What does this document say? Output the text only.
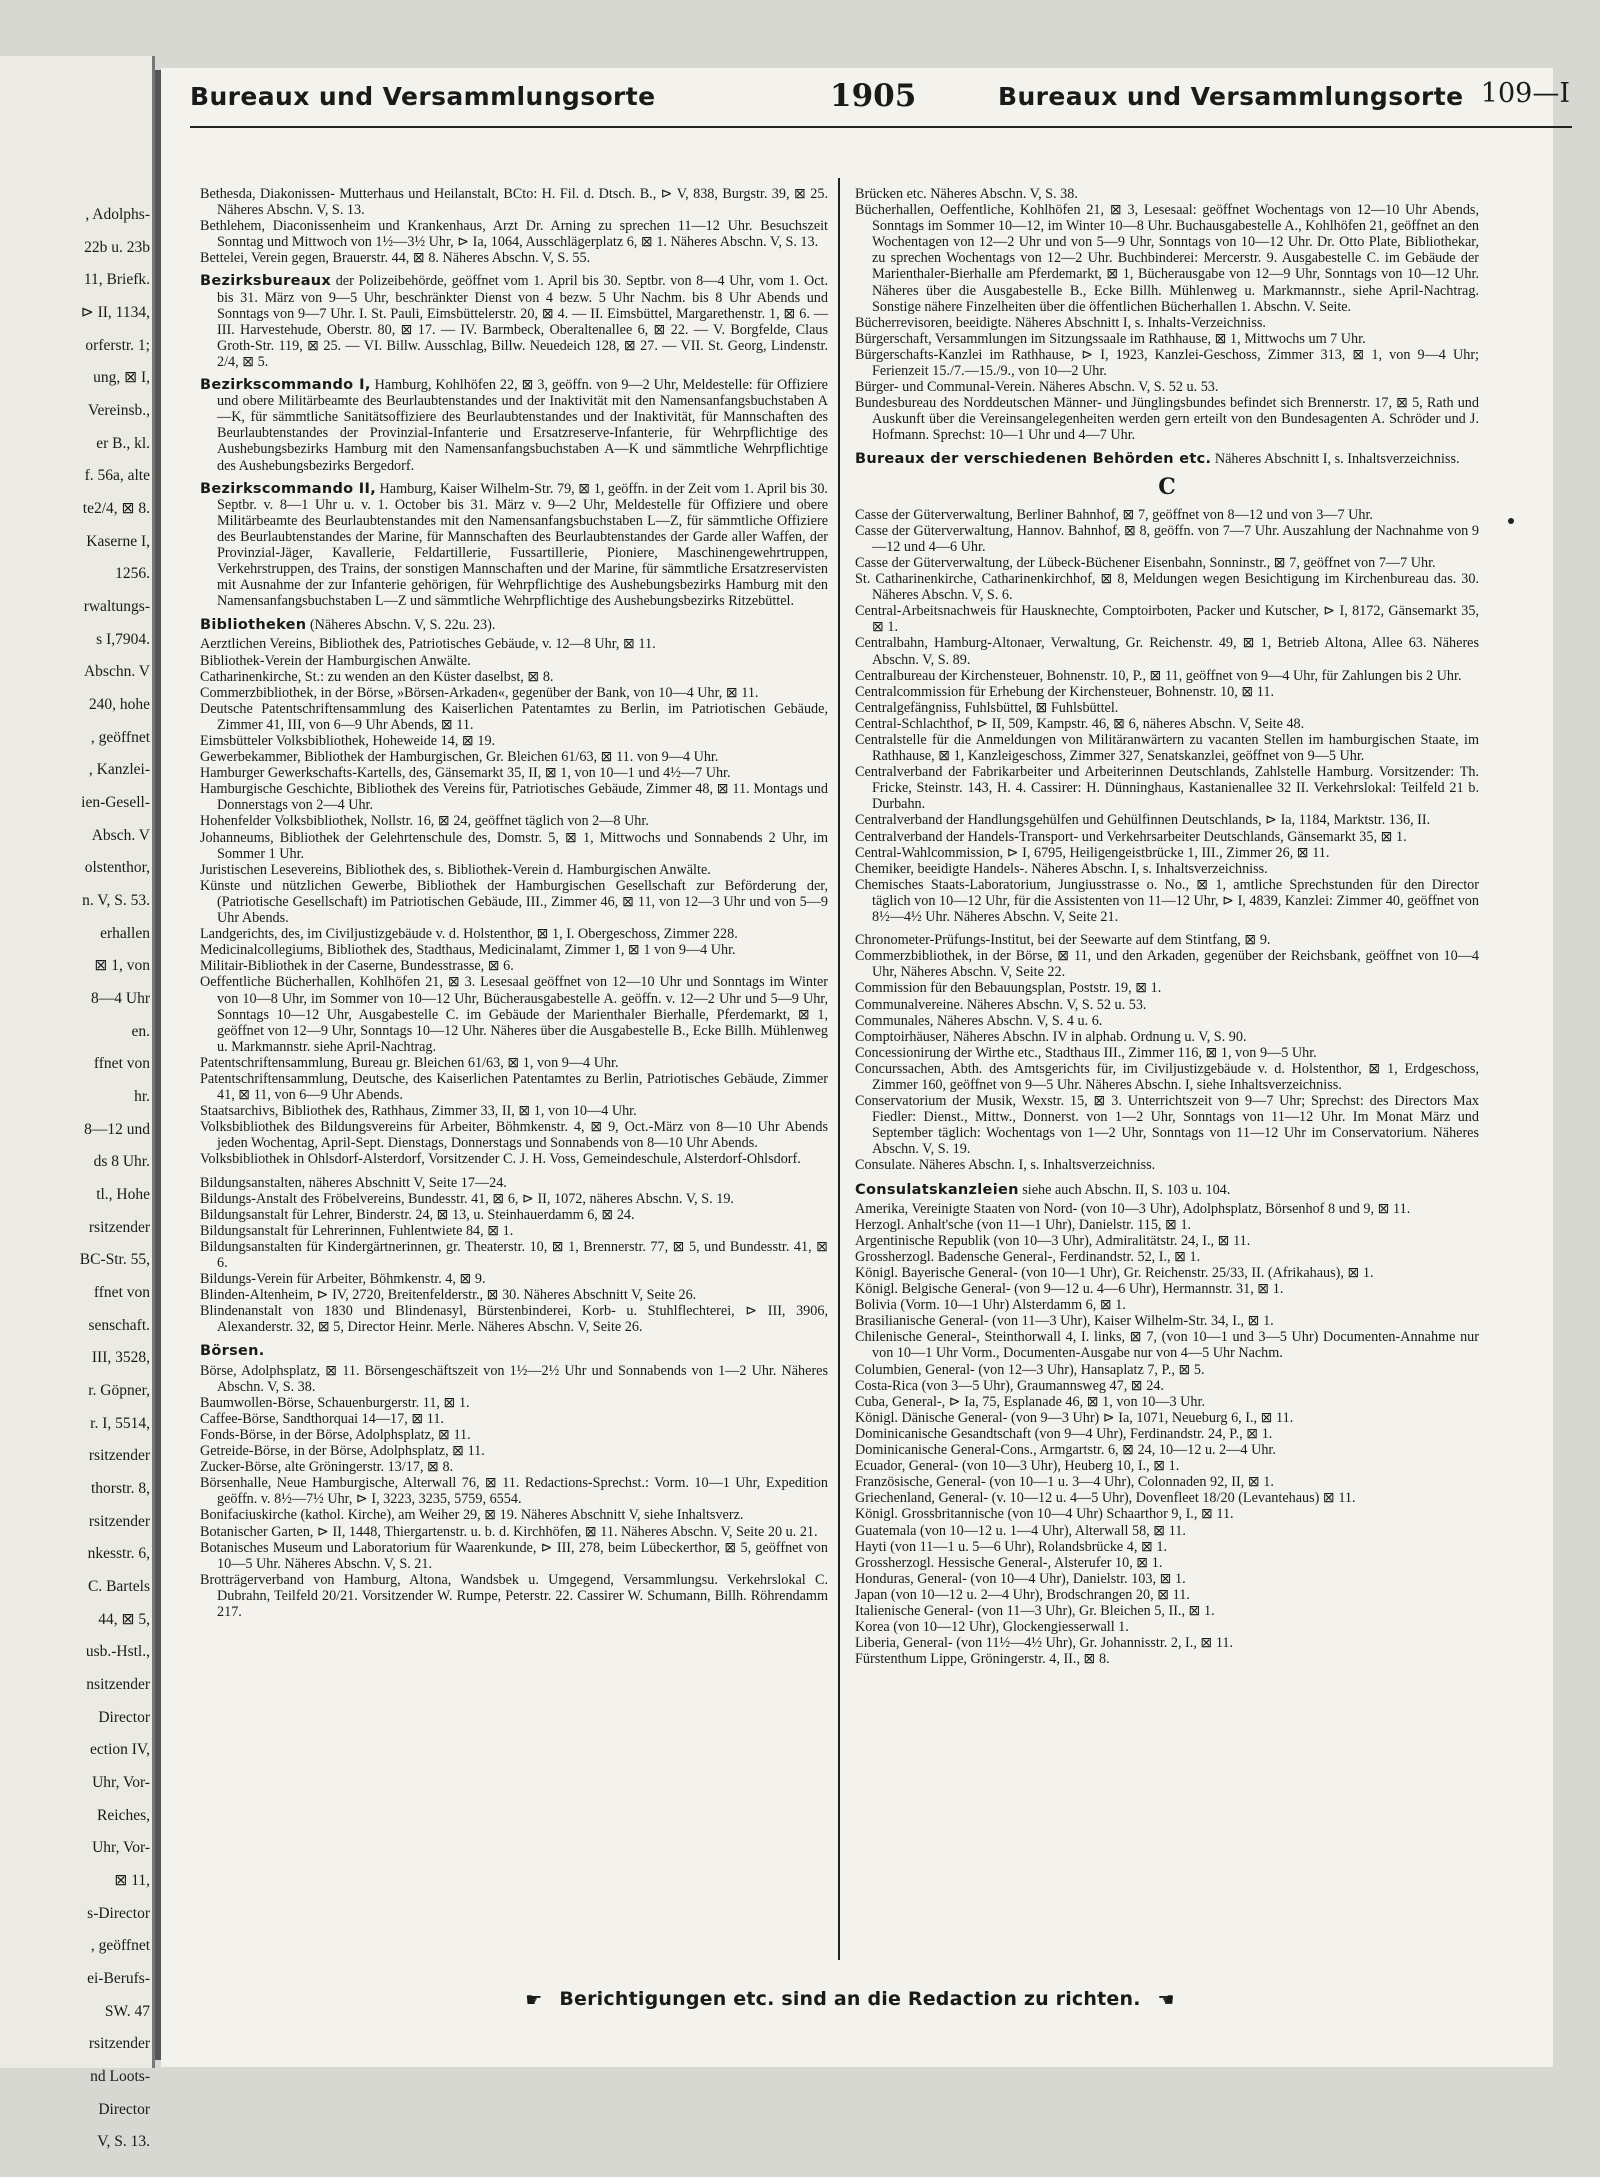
, Adolphs-
22b u. 23b
11, Briefk.
⊳ II, 1134,
orferstr. 1;
ung, ⊠ I,
Vereinsb.,
er B., kl.
f. 56a, alte
te2/4, ⊠ 8.
Kaserne I,
1256.
rwaltungs-
s I,7904.
Abschn. V
240, hohe
, geöffnet
, Kanzlei-
ien-Gesell-
Absch. V
olstenthor,
n. V, S. 53.
erhallen
⊠ 1, von
8—4 Uhr
en.
ffnet von
hr.
8—12 und
ds 8 Uhr.
tl., Hohe
rsitzender
BC-Str. 55,
ffnet von
senschaft.
III, 3528,
r. Göpner,
r. I, 5514,
rsitzender
thorstr. 8,
rsitzender
nkesstr. 6,
C. Bartels
44, ⊠ 5,
usb.-Hstl.,
nsitzender
Director
ection IV,
Uhr, Vor-
Reiches,
Uhr, Vor-
⊠ 11,
s-Director
, geöffnet
ei-Berufs-
SW. 47
rsitzender
nd Loots-
Director
V, S. 13.
Bureaux und Versammlungsorte	1905	Bureaux und Versammlungsorte 109—I

Bethesda, Diakonissen- Mutterhaus und Heilanstalt, BCto: H. Fil. d. Dtsch. B., ⊳ V, 838, Burgstr. 39, ⊠ 25. Näheres Abschn. V, S. 13.

Bethlehem, Diaconissenheim und Krankenhaus, Arzt Dr. Arning zu sprechen 11—12 Uhr. Besuchszeit Sonntag und Mittwoch von 1½—3½ Uhr, ⊳ Ia, 1064, Ausschlägerplatz 6, ⊠ 1. Näheres Abschn. V, S. 13.

Bettelei, Verein gegen, Brauerstr. 44, ⊠ 8. Näheres Abschn. V, S. 55.

Bezirksbureaux der Polizeibehörde, geöffnet vom 1. April bis 30. Septbr. von 8—4 Uhr, vom 1. Oct. bis 31. März von 9—5 Uhr, beschränkter Dienst von 4 bezw. 5 Uhr Nachm. bis 8 Uhr Abends und Sonntags von 9—7 Uhr. I. St. Pauli, Eimsbüttelerstr. 20, ⊠ 4. — II. Eimsbüttel, Margarethenstr. 1, ⊠ 6. — III. Harvestehude, Oberstr. 80, ⊠ 17. — IV. Barmbeck, Oberaltenallee 6, ⊠ 22. — V. Borgfelde, Claus Groth-Str. 119, ⊠ 25. — VI. Billw. Ausschlag, Billw. Neuedeich 128, ⊠ 27. — VII. St. Georg, Lindenstr. 2/4, ⊠ 5.

Bezirkscommando I, Hamburg, Kohlhöfen 22, ⊠ 3, geöffn. von 9—2 Uhr, Meldestelle: für Offiziere und obere Militärbeamte des Beurlaubtenstandes und der Inaktivität mit den Namensanfangsbuchstaben A—K, für sämmtliche Sanitätsoffiziere des Beurlaubtenstandes und der Inaktivität, für Mannschaften des Beurlaubtenstandes der Provinzial-Infanterie und Ersatzreserve-Infanterie, für Wehrpflichtige des Aushebungsbezirks Hamburg mit den Namensanfangsbuchstaben A—K und sämmtliche Wehrpflichtige des Aushebungsbezirks Bergedorf.

Bezirkscommando II, Hamburg, Kaiser Wilhelm-Str. 79, ⊠ 1, geöffn. in der Zeit vom 1. April bis 30. Septbr. v. 8—1 Uhr u. v. 1. October bis 31. März v. 9—2 Uhr, Meldestelle für Offiziere und obere Militärbeamte des Beurlaubtenstandes mit den Namensanfangsbuchstaben L—Z, für sämmtliche Offiziere des Beurlaubtenstandes der Marine, für Mannschaften des Beurlaubtenstandes der Garde aller Waffen, der Provinzial-Jäger, Kavallerie, Feldartillerie, Fussartillerie, Pioniere, Maschinengewehrtruppen, Verkehrstruppen, des Trains, der sonstigen Mannschaften und der Marine, für sämmtliche Ersatzreservisten mit Ausnahme der zur Infanterie gehörigen, für Wehrpflichtige des Aushebungsbezirks Hamburg mit den Namensanfangsbuchstaben L—Z und sämmtliche Wehrpflichtige des Aushebungsbezirks Ritzebüttel.

Bibliotheken (Näheres Abschn. V, S. 22u. 23).

Aerztlichen Vereins, Bibliothek des, Patriotisches Gebäude, v. 12—8 Uhr, ⊠ 11.

Bibliothek-Verein der Hamburgischen Anwälte.

Catharinenkirche, St.: zu wenden an den Küster daselbst, ⊠ 8.

Commerzbibliothek, in der Börse, »Börsen-Arkaden«, gegenüber der Bank, von 10—4 Uhr, ⊠ 11.

Deutsche Patentschriftensammlung des Kaiserlichen Patentamtes zu Berlin, im Patriotischen Gebäude, Zimmer 41, III, von 6—9 Uhr Abends, ⊠ 11.

Eimsbütteler Volksbibliothek, Hoheweide 14, ⊠ 19.

Gewerbekammer, Bibliothek der Hamburgischen, Gr. Bleichen 61/63, ⊠ 11. von 9—4 Uhr.

Hamburger Gewerkschafts-Kartells, des, Gänsemarkt 35, II, ⊠ 1, von 10—1 und 4½—7 Uhr.

Hamburgische Geschichte, Bibliothek des Vereins für, Patriotisches Gebäude, Zimmer 48, ⊠ 11. Montags und Donnerstags von 2—4 Uhr.

Hohenfelder Volksbibliothek, Nollstr. 16, ⊠ 24, geöffnet täglich von 2—8 Uhr.

Johanneums, Bibliothek der Gelehrtenschule des, Domstr. 5, ⊠ 1, Mittwochs und Sonnabends 2 Uhr, im Sommer 1 Uhr.

Juristischen Lesevereins, Bibliothek des, s. Bibliothek-Verein d. Hamburgischen Anwälte.

Künste und nützlichen Gewerbe, Bibliothek der Hamburgischen Gesellschaft zur Beförderung der, (Patriotische Gesellschaft) im Patriotischen Gebäude, III., Zimmer 46, ⊠ 11, von 12—3 Uhr und von 5—9 Uhr Abends.

Landgerichts, des, im Civiljustizgebäude v. d. Holstenthor, ⊠ 1, I. Obergeschoss, Zimmer 228.

Medicinalcollegiums, Bibliothek des, Stadthaus, Medicinalamt, Zimmer 1, ⊠ 1 von 9—4 Uhr.

Militair-Bibliothek in der Caserne, Bundesstrasse, ⊠ 6.

Oeffentliche Bücherhallen, Kohlhöfen 21, ⊠ 3. Lesesaal geöffnet von 12—10 Uhr und Sonntags im Winter von 10—8 Uhr, im Sommer von 10—12 Uhr, Bücherausgabestelle A. geöffn. v. 12—2 Uhr und 5—9 Uhr, Sonntags 10—12 Uhr, Ausgabestelle C. im Gebäude der Marienthaler Bierhalle, Pferdemarkt, ⊠ 1, geöffnet von 12—9 Uhr, Sonntags 10—12 Uhr. Näheres über die Ausgabestelle B., Ecke Billh. Mühlenweg u. Markmannstr. siehe April-Nachtrag.

Patentschriftensammlung, Bureau gr. Bleichen 61/63, ⊠ 1, von 9—4 Uhr.

Patentschriftensammlung, Deutsche, des Kaiserlichen Patentamtes zu Berlin, Patriotisches Gebäude, Zimmer 41, ⊠ 11, von 6—9 Uhr Abends.

Staatsarchivs, Bibliothek des, Rathhaus, Zimmer 33, II, ⊠ 1, von 10—4 Uhr.

Volksbibliothek des Bildungsvereins für Arbeiter, Böhmkenstr. 4, ⊠ 9, Oct.-März von 8—10 Uhr Abends jeden Wochentag, April-Sept. Dienstags, Donnerstags und Sonnabends von 8—10 Uhr Abends.

Volksbibliothek in Ohlsdorf-Alsterdorf, Vorsitzender C. J. H. Voss, Gemeindeschule, Alsterdorf-Ohlsdorf.

Bildungsanstalten, näheres Abschnitt V, Seite 17—24.

Bildungs-Anstalt des Fröbelvereins, Bundesstr. 41, ⊠ 6, ⊳ II, 1072, näheres Abschn. V, S. 19.

Bildungsanstalt für Lehrer, Binderstr. 24, ⊠ 13, u. Steinhauerdamm 6, ⊠ 24.

Bildungsanstalt für Lehrerinnen, Fuhlentwiete 84, ⊠ 1.

Bildungsanstalten für Kindergärtnerinnen, gr. Theaterstr. 10, ⊠ 1, Brennerstr. 77, ⊠ 5, und Bundesstr. 41, ⊠ 6.

Bildungs-Verein für Arbeiter, Böhmkenstr. 4, ⊠ 9.

Blinden-Altenheim, ⊳ IV, 2720, Breitenfelderstr., ⊠ 30. Näheres Abschnitt V, Seite 26.

Blindenanstalt von 1830 und Blindenasyl, Bürstenbinderei, Korb- u. Stuhlflechterei, ⊳ III, 3906, Alexanderstr. 32, ⊠ 5, Director Heinr. Merle. Näheres Abschn. V, Seite 26.

Börsen.

Börse, Adolphsplatz, ⊠ 11. Börsengeschäftszeit von 1½—2½ Uhr und Sonnabends von 1—2 Uhr. Näheres Abschn. V, S. 38.

Baumwollen-Börse, Schauenburgerstr. 11, ⊠ 1.

Caffee-Börse, Sandthorquai 14—17, ⊠ 11.

Fonds-Börse, in der Börse, Adolphsplatz, ⊠ 11.

Getreide-Börse, in der Börse, Adolphsplatz, ⊠ 11.

Zucker-Börse, alte Gröningerstr. 13/17, ⊠ 8.

Börsenhalle, Neue Hamburgische, Alterwall 76, ⊠ 11. Redactions-Sprechst.: Vorm. 10—1 Uhr, Expedition geöffn. v. 8½—7½ Uhr, ⊳ I, 3223, 3235, 5759, 6554.

Bonifaciuskirche (kathol. Kirche), am Weiher 29, ⊠ 19. Näheres Abschnitt V, siehe Inhaltsverz.

Botanischer Garten, ⊳ II, 1448, Thiergartenstr. u. b. d. Kirchhöfen, ⊠ 11. Näheres Abschn. V, Seite 20 u. 21.

Botanisches Museum und Laboratorium für Waarenkunde, ⊳ III, 278, beim Lübeckerthor, ⊠ 5, geöffnet von 10—5 Uhr. Näheres Abschn. V, S. 21.

Brotträgerverband von Hamburg, Altona, Wandsbek u. Umgegend, Versammlungsu. Verkehrslokal C. Dubrahn, Teilfeld 20/21. Vorsitzender W. Rumpe, Peterstr. 22. Cassirer W. Schumann, Billh. Röhrendamm 217.

Brücken etc. Näheres Abschn. V, S. 38.

Bücherhallen, Oeffentliche, Kohlhöfen 21, ⊠ 3, Lesesaal: geöffnet Wochentags von 12—10 Uhr Abends, Sonntags im Sommer 10—12, im Winter 10—8 Uhr. Buchausgabestelle A., Kohlhöfen 21, geöffnet an den Wochentagen von 12—2 Uhr und von 5—9 Uhr, Sonntags von 10—12 Uhr. Dr. Otto Plate, Bibliothekar, zu sprechen Wochentags von 12—2 Uhr. Buchbinderei: Mercerstr. 9. Ausgabestelle C. im Gebäude der Marienthaler-Bierhalle am Pferdemarkt, ⊠ 1, Bücherausgabe von 12—9 Uhr, Sonntags von 10—12 Uhr. Näheres über die Ausgabestelle B., Ecke Billh. Mühlenweg u. Markmannstr., siehe April-Nachtrag. Sonstige nähere Finzelheiten über die öffentlichen Bücherhallen 1. Abschn. V. Seite.

Bücherrevisoren, beeidigte. Näheres Abschnitt I, s. Inhalts-Verzeichniss.

Bürgerschaft, Versammlungen im Sitzungssaale im Rathhause, ⊠ 1, Mittwochs um 7 Uhr.

Bürgerschafts-Kanzlei im Rathhause, ⊳ I, 1923, Kanzlei-Geschoss, Zimmer 313, ⊠ 1, von 9—4 Uhr; Ferienzeit 15./7.—15./9., von 10—2 Uhr.

Bürger- und Communal-Verein. Näheres Abschn. V, S. 52 u. 53.

Bundesbureau des Norddeutschen Männer- und Jünglingsbundes befindet sich Brennerstr. 17, ⊠ 5, Rath und Auskunft über die Vereinsangelegenheiten werden gern erteilt von den Bundesagenten A. Schröder und J. Hofmann. Sprechst: 10—1 Uhr und 4—7 Uhr.

Bureaux der verschiedenen Behörden etc. Näheres Abschnitt I, s. Inhaltsverzeichniss.

C

Casse der Güterverwaltung, Berliner Bahnhof, ⊠ 7, geöffnet von 8—12 und von 3—7 Uhr.

Casse der Güterverwaltung, Hannov. Bahnhof, ⊠ 8, geöffn. von 7—7 Uhr. Auszahlung der Nachnahme von 9—12 und 4—6 Uhr.

Casse der Güterverwaltung, der Lübeck-Büchener Eisenbahn, Sonninstr., ⊠ 7, geöffnet von 7—7 Uhr.

St. Catharinenkirche, Catharinenkirchhof, ⊠ 8, Meldungen wegen Besichtigung im Kirchenbureau das. 30. Näheres Abschn. V, S. 6.

Central-Arbeitsnachweis für Hausknechte, Comptoirboten, Packer und Kutscher, ⊳ I, 8172, Gänsemarkt 35, ⊠ 1.

Centralbahn, Hamburg-Altonaer, Verwaltung, Gr. Reichenstr. 49, ⊠ 1, Betrieb Altona, Allee 63. Näheres Abschn. V, S. 89.

Centralbureau der Kirchensteuer, Bohnenstr. 10, P., ⊠ 11, geöffnet von 9—4 Uhr, für Zahlungen bis 2 Uhr.

Centralcommission für Erhebung der Kirchensteuer, Bohnenstr. 10, ⊠ 11.

Centralgefängniss, Fuhlsbüttel, ⊠ Fuhlsbüttel.

Central-Schlachthof, ⊳ II, 509, Kampstr. 46, ⊠ 6, näheres Abschn. V, Seite 48.

Centralstelle für die Anmeldungen von Militäranwärtern zu vacanten Stellen im hamburgischen Staate, im Rathhause, ⊠ 1, Kanzleigeschoss, Zimmer 327, Senatskanzlei, geöffnet von 9—5 Uhr.

Centralverband der Fabrikarbeiter und Arbeiterinnen Deutschlands, Zahlstelle Hamburg. Vorsitzender: Th. Fricke, Steinstr. 143, H. 4. Cassirer: H. Dünninghaus, Kastanienallee 32 II. Verkehrslokal: Teilfeld 21 b. Durbahn.

Centralverband der Handlungsgehülfen und Gehülfinnen Deutschlands, ⊳ Ia, 1184, Marktstr. 136, II.

Centralverband der Handels-Transport- und Verkehrsarbeiter Deutschlands, Gänsemarkt 35, ⊠ 1.

Central-Wahlcommission, ⊳ I, 6795, Heiligengeistbrücke 1, III., Zimmer 26, ⊠ 11.

Chemiker, beeidigte Handels-. Näheres Abschn. I, s. Inhaltsverzeichniss.

Chemisches Staats-Laboratorium, Jungiusstrasse o. No., ⊠ 1, amtliche Sprechstunden für den Director täglich von 10—12 Uhr, für die Assistenten von 11—12 Uhr, ⊳ I, 4839, Kanzlei: Zimmer 40, geöffnet von 8½—4½ Uhr. Näheres Abschn. V, Seite 21.

Chronometer-Prüfungs-Institut, bei der Seewarte auf dem Stintfang, ⊠ 9.

Commerzbibliothek, in der Börse, ⊠ 11, und den Arkaden, gegenüber der Reichsbank, geöffnet von 10—4 Uhr, Näheres Abschn. V, Seite 22.

Commission für den Bebauungsplan, Poststr. 19, ⊠ 1.

Communalvereine. Näheres Abschn. V, S. 52 u. 53.

Communales, Näheres Abschn. V, S. 4 u. 6.

Comptoirhäuser, Näheres Abschn. IV in alphab. Ordnung u. V, S. 90.

Concessionirung der Wirthe etc., Stadthaus III., Zimmer 116, ⊠ 1, von 9—5 Uhr.

Concurssachen, Abth. des Amtsgerichts für, im Civiljustizgebäude v. d. Holstenthor, ⊠ 1, Erdgeschoss, Zimmer 160, geöffnet von 9—5 Uhr. Näheres Abschn. I, siehe Inhaltsverzeichniss.

Conservatorium der Musik, Wexstr. 15, ⊠ 3. Unterrichtszeit von 9—7 Uhr; Sprechst: des Directors Max Fiedler: Dienst., Mittw., Donnerst. von 1—2 Uhr, Sonntags von 11—12 Uhr. Im Monat März und September täglich: Wochentags von 1—2 Uhr, Sonntags von 11—12 Uhr im Conservatorium. Näheres Abschn. V, S. 19.

Consulate. Näheres Abschn. I, s. Inhaltsverzeichniss.

Consulatskanzleien siehe auch Abschn. II, S. 103 u. 104.

Amerika, Vereinigte Staaten von Nord- (von 10—3 Uhr), Adolphsplatz, Börsenhof 8 und 9, ⊠ 11.

Herzogl. Anhalt'sche (von 11—1 Uhr), Danielstr. 115, ⊠ 1.

Argentinische Republik (von 10—3 Uhr), Admiralitätstr. 24, I., ⊠ 11.

Grossherzogl. Badensche General-, Ferdinandstr. 52, I., ⊠ 1.

Königl. Bayerische General- (von 10—1 Uhr), Gr. Reichenstr. 25/33, II. (Afrikahaus), ⊠ 1.

Königl. Belgische General- (von 9—12 u. 4—6 Uhr), Hermannstr. 31, ⊠ 1.

Bolivia (Vorm. 10—1 Uhr) Alsterdamm 6, ⊠ 1.

Brasilianische General- (von 11—3 Uhr), Kaiser Wilhelm-Str. 34, I., ⊠ 1.

Chilenische General-, Steinthorwall 4, I. links, ⊠ 7, (von 10—1 und 3—5 Uhr) Documenten-Annahme nur von 10—1 Uhr Vorm., Documenten-Ausgabe nur von 4—5 Uhr Nachm.

Columbien, General- (von 12—3 Uhr), Hansaplatz 7, P., ⊠ 5.

Costa-Rica (von 3—5 Uhr), Graumannsweg 47, ⊠ 24.

Cuba, General-, ⊳ Ia, 75, Esplanade 46, ⊠ 1, von 10—3 Uhr.

Königl. Dänische General- (von 9—3 Uhr) ⊳ Ia, 1071, Neueburg 6, I., ⊠ 11.

Dominicanische Gesandtschaft (von 9—4 Uhr), Ferdinandstr. 24, P., ⊠ 1.

Dominicanische General-Cons., Armgartstr. 6, ⊠ 24, 10—12 u. 2—4 Uhr.

Ecuador, General- (von 10—3 Uhr), Heuberg 10, I., ⊠ 1.

Französische, General- (von 10—1 u. 3—4 Uhr), Colonnaden 92, II, ⊠ 1.

Griechenland, General- (v. 10—12 u. 4—5 Uhr), Dovenfleet 18/20 (Levantehaus) ⊠ 11.

Königl. Grossbritannische (von 10—4 Uhr) Schaarthor 9, I., ⊠ 11.

Guatemala (von 10—12 u. 1—4 Uhr), Alterwall 58, ⊠ 11.

Hayti (von 11—1 u. 5—6 Uhr), Rolandsbrücke 4, ⊠ 1.

Grossherzogl. Hessische General-, Alsterufer 10, ⊠ 1.

Honduras, General- (von 10—4 Uhr), Danielstr. 103, ⊠ 1.

Japan (von 10—12 u. 2—4 Uhr), Brodschrangen 20, ⊠ 11.

Italienische General- (von 11—3 Uhr), Gr. Bleichen 5, II., ⊠ 1.

Korea (von 10—12 Uhr), Glockengiesserwall 1.

Liberia, General- (von 11½—4½ Uhr), Gr. Johannisstr. 2, I., ⊠ 11.

Fürstenthum Lippe, Gröningerstr. 4, II., ⊠ 8.

☛ Berichtigungen etc. sind an die Redaction zu richten. ☚
